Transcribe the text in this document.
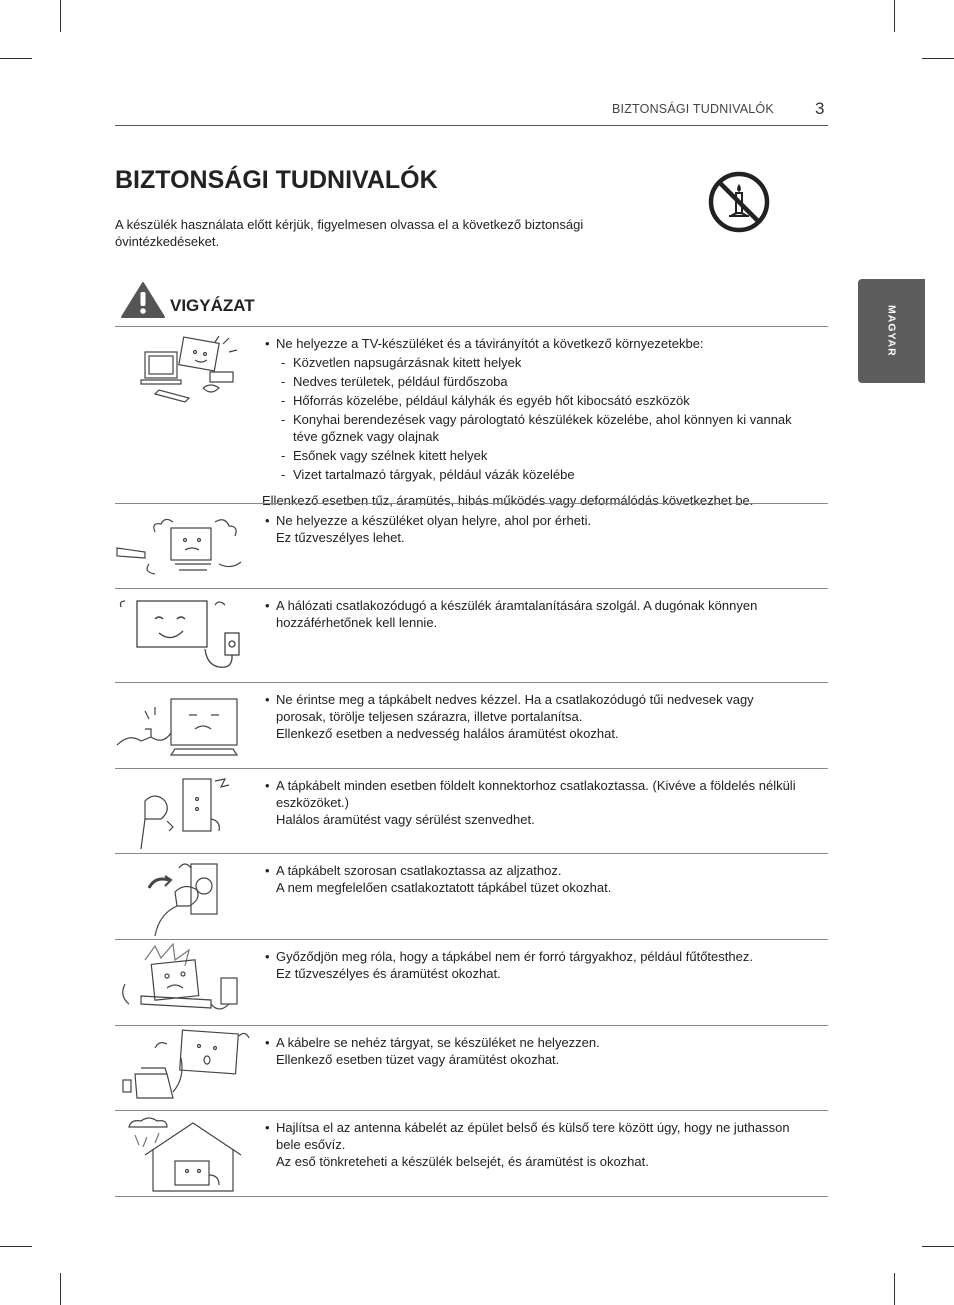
BIZTONSÁGI TUDNIVALÓK 3
MAGYAR
BIZTONSÁGI TUDNIVALÓK
A készülék használata előtt kérjük, figyelmesen olvassa el a következő biztonsági óvintézkedéseket.
VIGYÁZAT
• Ne helyezze a TV-készüléket és a távirányítót a következő környezetekbe:
- Közvetlen napsugárzásnak kitett helyek
- Nedves területek, például fürdőszoba
- Hőforrás közelébe, például kályhák és egyéb hőt kibocsátó eszközök
- Konyhai berendezések vagy párologtató készülékek közelébe, ahol könnyen ki vannak téve gőznek vagy olajnak
- Esőnek vagy szélnek kitett helyek
- Vizet tartalmazó tárgyak, például vázák közelébe
Ellenkező esetben tűz, áramütés, hibás működés vagy deformálódás következhet be.
• Ne helyezze a készüléket olyan helyre, ahol por érheti.
Ez tűzveszélyes lehet.
• A hálózati csatlakozódugó a készülék áramtalanítására szolgál. A dugónak könnyen hozzáférhetőnek kell lennie.
• Ne érintse meg a tápkábelt nedves kézzel. Ha a csatlakozódugó tűi nedvesek vagy porosak, törölje teljesen szárazra, illetve portalanítsa.
Ellenkező esetben a nedvesség halálos áramütést okozhat.
• A tápkábelt minden esetben földelt konnektorhoz csatlakoztassa. (Kivéve a földelés nélküli eszközöket.)
Halálos áramütést vagy sérülést szenvedhet.
• A tápkábelt szorosan csatlakoztassa az aljzathoz.
A nem megfelelően csatlakoztatott tápkábel tüzet okozhat.
• Győződjön meg róla, hogy a tápkábel nem ér forró tárgyakhoz, például fűtőtesthez.
Ez tűzveszélyes és áramütést okozhat.
• A kábelre se nehéz tárgyat, se készüléket ne helyezzen.
Ellenkező esetben tüzet vagy áramütést okozhat.
• Hajlítsa el az antenna kábelét az épület belső és külső tere között úgy, hogy ne juthasson bele esővíz.
Az eső tönkreteheti a készülék belsejét, és áramütést is okozhat.
